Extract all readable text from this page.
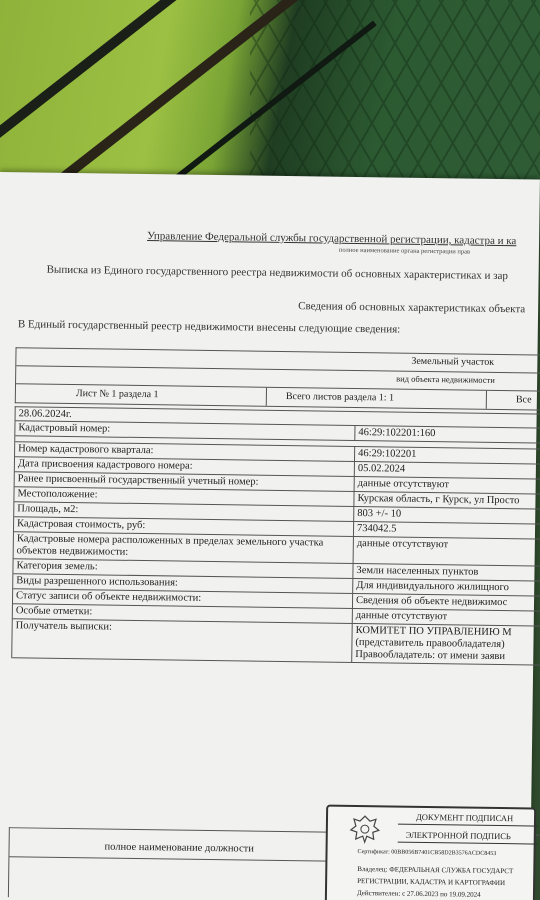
Управление Федеральной службы государственной регистрации, кадастра и ка
полное наименование органа регистрации прав
Выписка из Единого государственного реестра недвижимости об основных характеристиках и зар
Сведения об основных характеристиках объекта
В Единый государственный реестр недвижимости внесены следующие сведения:
Земельный участок
вид объекта недвижимости
Лист № 1 раздела 1	Всего листов раздела 1: 1	Все
28.06.2024г.
Кадастровый номер:	46:29:102201:160
Номер кадастрового квартала:	46:29:102201
Дата присвоения кадастрового номера:	05.02.2024
Ранее присвоенный государственный учетный номер:	данные отсутствуют
Местоположение:	Курская область, г Курск, ул Просто
Площадь, м2:	803 +/- 10
Кадастровая стоимость, руб:	734042.5
Кадастровые номера расположенных в пределах земельного участка объектов недвижимости:
данные отсутствуют
Категория земель:	Земли населенных пунктов
Виды разрешенного использования:	Для индивидуального жилищного
Статус записи об объекте недвижимости:	Сведения об объекте недвижимос
Особые отметки:	данные отсутствуют
Получатель выписки:	КОМИТЕТ ПО УПРАВЛЕНИЮ М
(представитель правообладателя)
Правообладатель: от имени заяви
полное наименование должности
ДОКУМЕНТ ПОДПИСАН
ЭЛЕКТРОННОЙ ПОДПИСЬ
Сертификат: 00BB056B7401CB58D2B3576ACDC8453
Владелец: ФЕДЕРАЛЬНАЯ СЛУЖБА ГОСУДАРСТ
РЕГИСТРАЦИИ, КАДАСТРА И КАРТОГРАФИИ
Действителен: с 27.06.2023 по 19.09.2024
